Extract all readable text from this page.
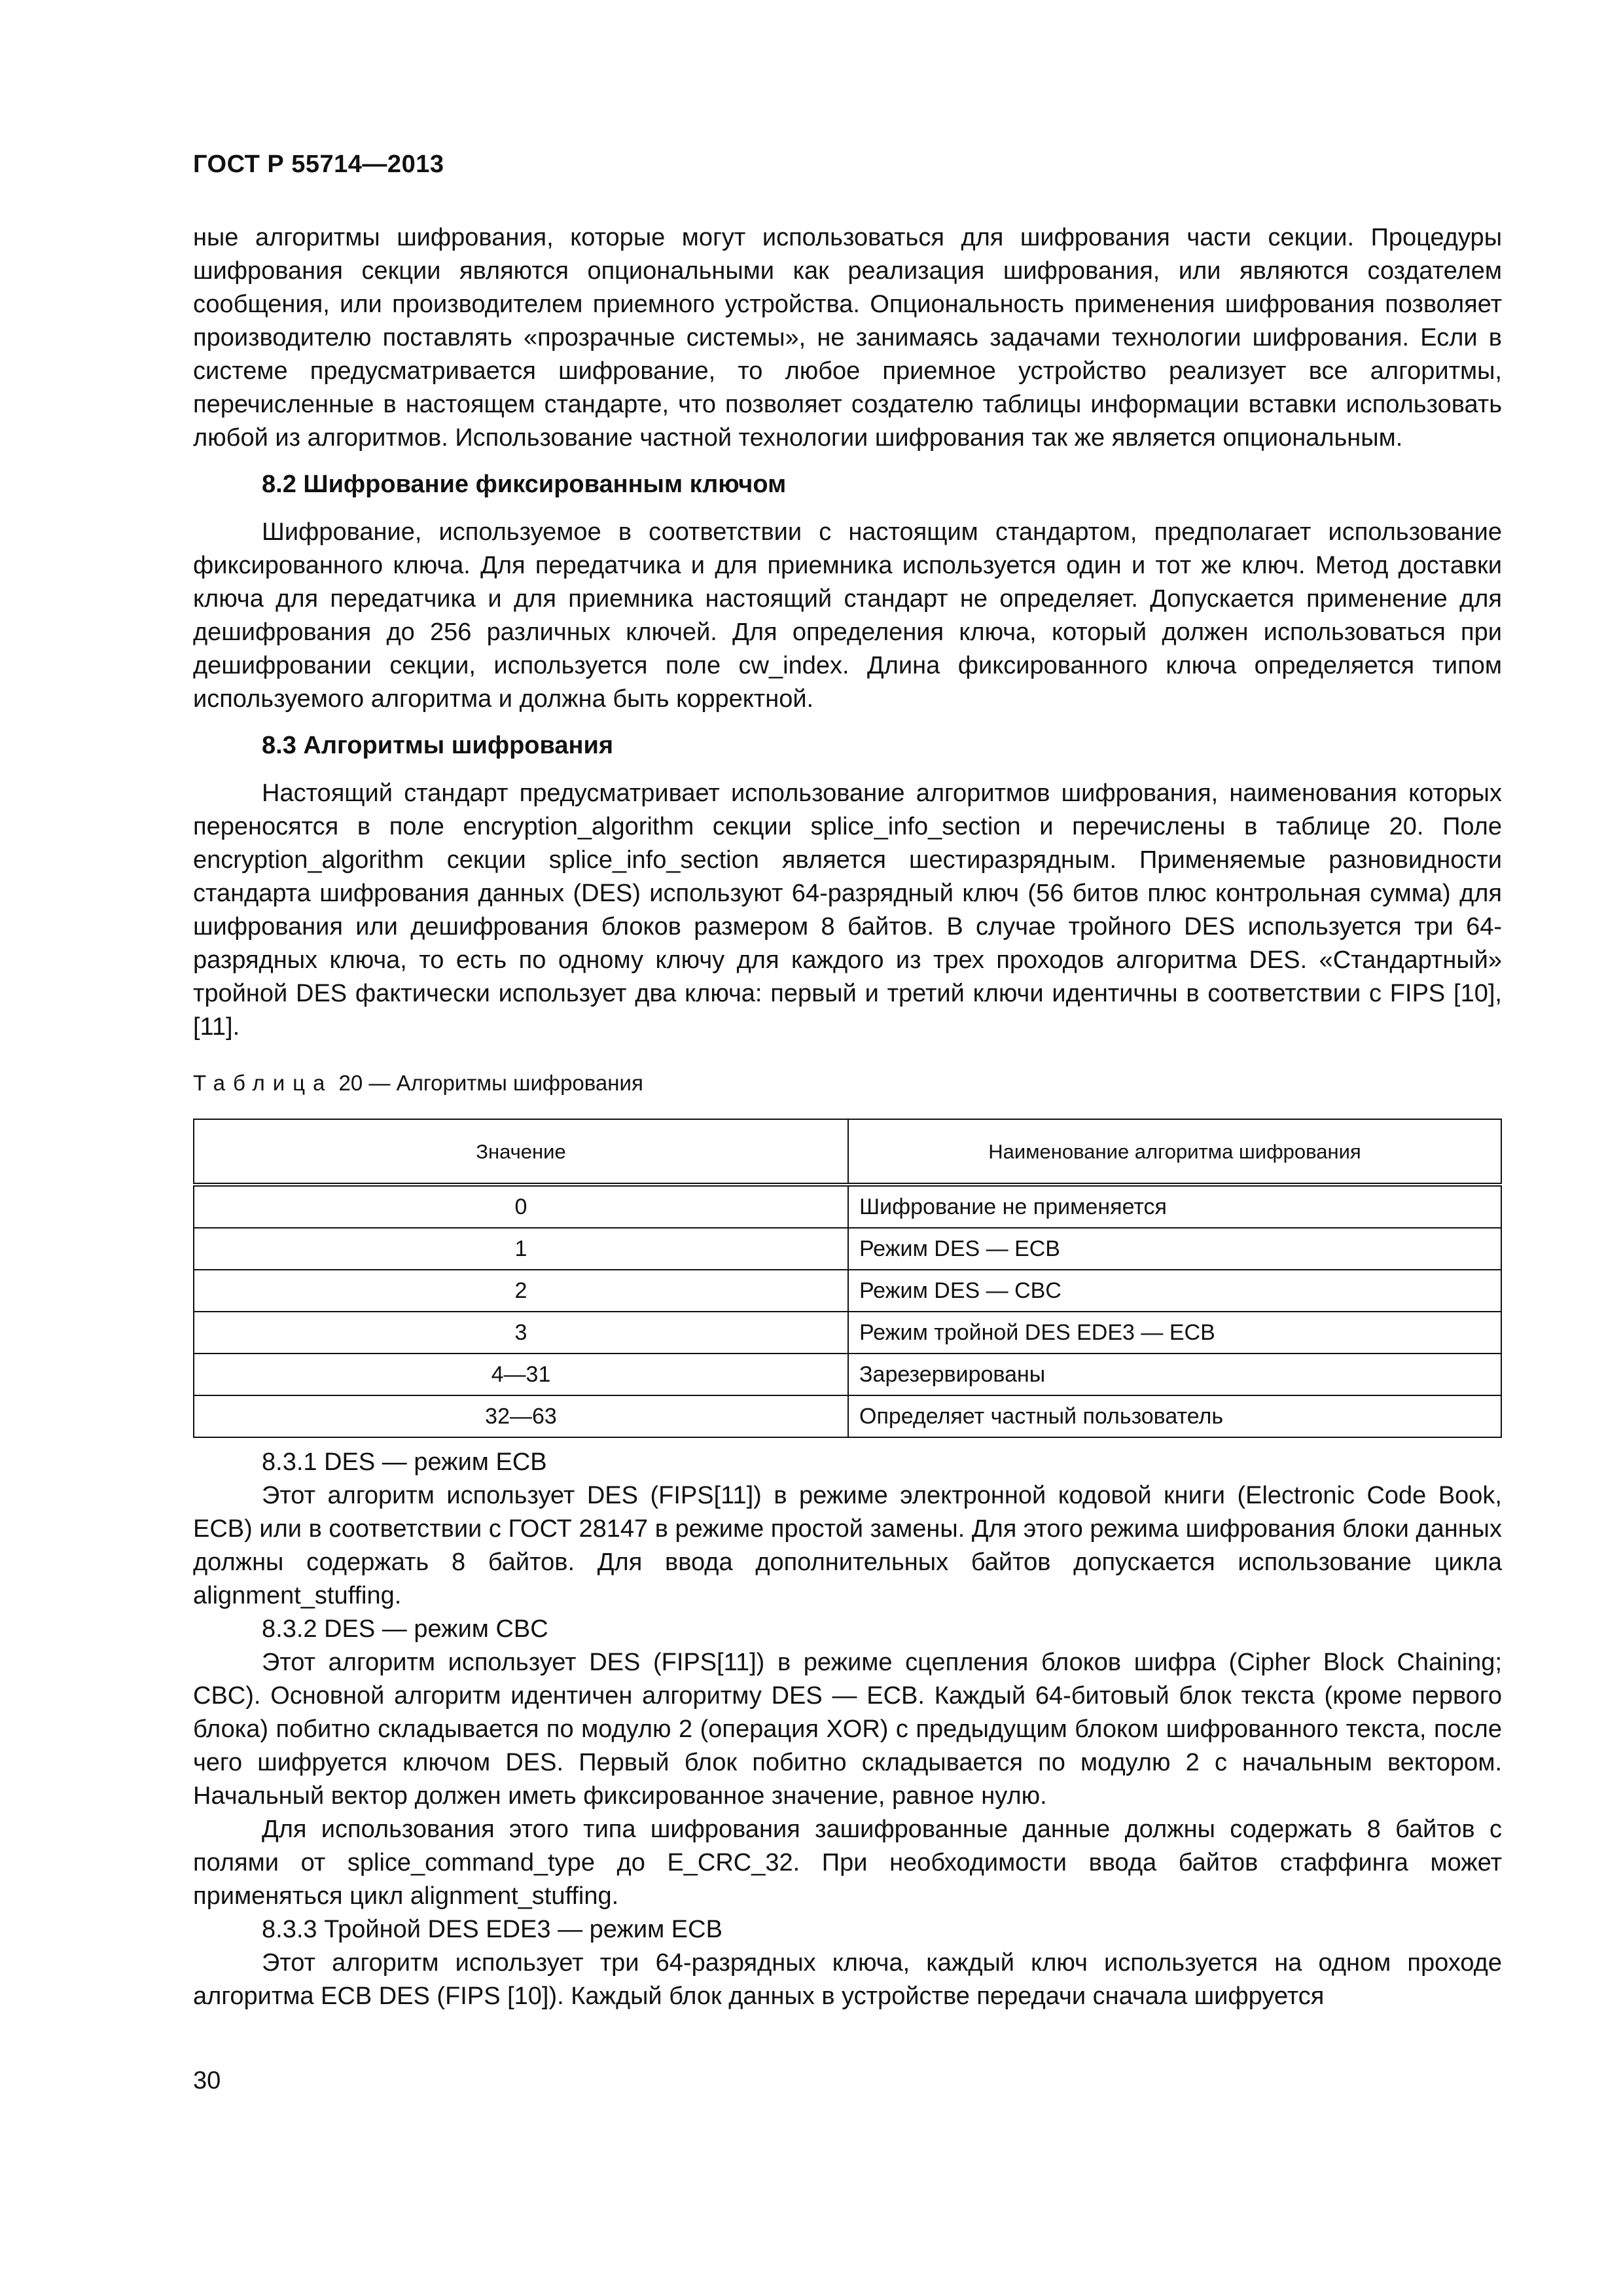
ГОСТ Р 55714—2013

ные алгоритмы шифрования, которые могут использоваться для шифрования части секции. Процедуры шифрования секции являются опциональными как реализация шифрования, или являются создателем сообщения, или производителем приемного устройства. Опциональность применения шифрования позволяет производителю поставлять «прозрачные системы», не занимаясь задачами технологии шифрования. Если в системе предусматривается шифрование, то любое приемное устройство реализует все алгоритмы, перечисленные в настоящем стандарте, что позволяет создателю таблицы информации вставки использовать любой из алгоритмов. Использование частной технологии шифрования так же является опциональным.

8.2 Шифрование фиксированным ключом

Шифрование, используемое в соответствии с настоящим стандартом, предполагает использование фиксированного ключа. Для передатчика и для приемника используется один и тот же ключ. Метод доставки ключа для передатчика и для приемника настоящий стандарт не определяет. Допускается применение для дешифрования до 256 различных ключей. Для определения ключа, который должен использоваться при дешифровании секции, используется поле cw_index. Длина фиксированного ключа определяется типом используемого алгоритма и должна быть корректной.

8.3 Алгоритмы шифрования

Настоящий стандарт предусматривает использование алгоритмов шифрования, наименования которых переносятся в поле encryption_algorithm секции splice_info_section и перечислены в таблице 20. Поле encryption_algorithm секции splice_info_section является шестиразрядным. Применяемые разновидности стандарта шифрования данных (DES) используют 64-разрядный ключ (56 битов плюс контрольная сумма) для шифрования или дешифрования блоков размером 8 байтов. В случае тройного DES используется три 64-разрядных ключа, то есть по одному ключу для каждого из трех проходов алгоритма DES. «Стандартный» тройной DES фактически использует два ключа: первый и третий ключи идентичны в соответствии с FIPS [10], [11].

Таблица 20 — Алгоритмы шифрования
Значение	Наименование алгоритма шифрования
0	Шифрование не применяется
1	Режим DES — ECB
2	Режим DES — CBC
3	Режим тройной DES EDE3 — ECB
4—31	Зарезервированы
32—63	Определяет частный пользователь

8.3.1 DES — режим ECB

Этот алгоритм использует DES (FIPS[11]) в режиме электронной кодовой книги (Electronic Code Book, ECB) или в соответствии с ГОСТ 28147 в режиме простой замены. Для этого режима шифрования блоки данных должны содержать 8 байтов. Для ввода дополнительных байтов допускается использование цикла alignment_stuffing.

8.3.2 DES — режим CBC

Этот алгоритм использует DES (FIPS[11]) в режиме сцепления блоков шифра (Cipher Block Chaining; CBC). Основной алгоритм идентичен алгоритму DES — ECB. Каждый 64-битовый блок текста (кроме первого блока) побитно складывается по модулю 2 (операция XOR) с предыдущим блоком шифрованного текста, после чего шифруется ключом DES. Первый блок побитно складывается по модулю 2 с начальным вектором. Начальный вектор должен иметь фиксированное значение, равное нулю.

Для использования этого типа шифрования зашифрованные данные должны содержать 8 байтов с полями от splice_command_type до E_CRC_32. При необходимости ввода байтов стаффинга может применяться цикл alignment_stuffing.

8.3.3 Тройной DES EDE3 — режим ECB

Этот алгоритм использует три 64-разрядных ключа, каждый ключ используется на одном проходе алгоритма ECB DES (FIPS [10]). Каждый блок данных в устройстве передачи сначала шифруется

30
